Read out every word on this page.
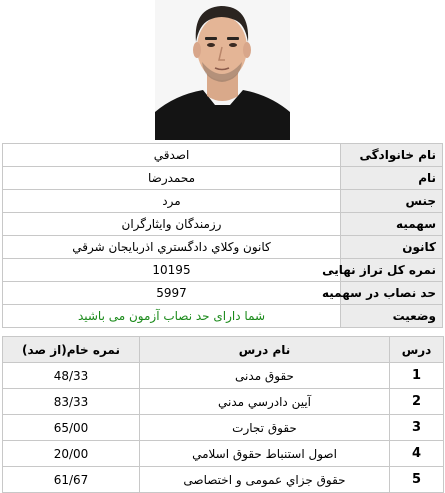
نام خانوادگی	اصدقي
نام	محمدرضا
جنس	مرد
سهمیه	رزمندگان وايثارگران
کانون	كانون وكلاي دادگستري اذربايجان شرقي
نمره کل تراز نهایی	10195
حد نصاب در سهمیه	5997
وضعیت	شما دارای حد نصاب آزمون می باشید
درس	نام درس	نمره خام(از صد)
1	حقوق مدنی	48/33
2	آيين دادرسي مدني	83/33
3	حقوق تجارت	65/00
4	اصول استنباط حقوق اسلامي	20/00
5	حقوق جزاي عمومی و اختصاصی	61/67
